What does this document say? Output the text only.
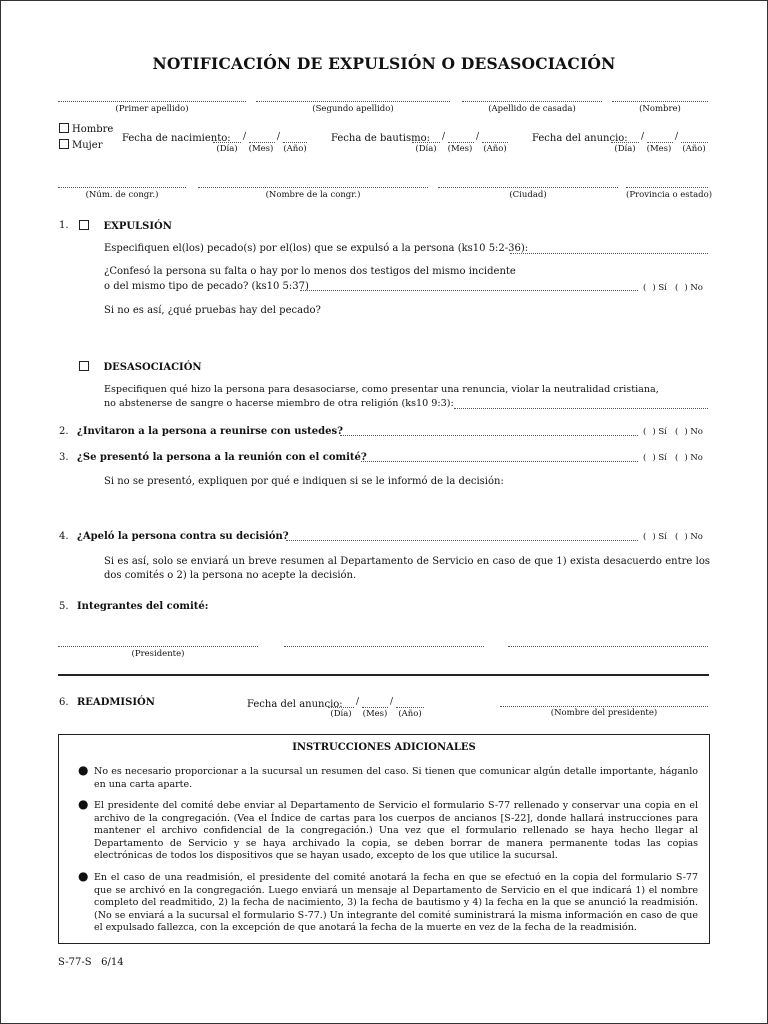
NOTIFICACIÓN DE EXPULSIÓN O DESASOCIACIÓN
(Primer apellido)	(Segundo apellido)	(Apellido de casada)	(Nombre)
Hombre
Mujer
Fecha de nacimiento: /	/
(Día)	(Mes) (Año)
Fecha de bautismo: /	/
(Día)	(Mes) (Año)
Fecha del anuncio: /	/
(Día)	(Mes) (Año)
(Núm. de congr.)	(Nombre de la congr.)	(Ciudad)	(Provincia o estado)
1.	EXPULSIÓN
Especifiquen el(los) pecado(s) por el(los) que se expulsó a la persona (ks10 5:2-36):
¿Confesó la persona su falta o hay por lo menos dos testigos del mismo incidente
o del mismo tipo de pecado? (ks10 5:37)	( ) Sí   ( ) No
Si no es así, ¿qué pruebas hay del pecado?
DESASOCIACIÓN
Especifiquen qué hizo la persona para desasociarse, como presentar una renuncia, violar la neutralidad cristiana,
no abstenerse de sangre o hacerse miembro de otra religión (ks10 9:3):
2. ¿Invitaron a la persona a reunirse con ustedes?	( ) Sí   ( ) No
3. ¿Se presentó la persona a la reunión con el comité?	( ) Sí   ( ) No
Si no se presentó, expliquen por qué e indiquen si se le informó de la decisión:
4. ¿Apeló la persona contra su decisión?	( ) Sí   ( ) No
Si es así, solo se enviará un breve resumen al Departamento de Servicio en caso de que 1) exista desacuerdo entre los dos comités o 2) la persona no acepte la decisión.
5. Integrantes del comité:
(Presidente)
6. READMISIÓN	Fecha del anuncio: /	/
(Día)	(Mes) (Año)	(Nombre del presidente)
INSTRUCCIONES ADICIONALES
● No es necesario proporcionar a la sucursal un resumen del caso. Si tienen que comunicar algún detalle importante, háganlo en una carta aparte.
● El presidente del comité debe enviar al Departamento de Servicio el formulario S-77 rellenado y conservar una copia en el archivo de la congregación. (Vea el Índice de cartas para los cuerpos de ancianos [S-22], donde hallará instrucciones para mantener el archivo confidencial de la congregación.) Una vez que el formulario rellenado se haya hecho llegar al Departamento de Servicio y se haya archivado la copia, se deben borrar de manera permanente todas las copias electrónicas de todos los dispositivos que se hayan usado, excepto de los que utilice la sucursal.
● En el caso de una readmisión, el presidente del comité anotará la fecha en que se efectuó en la copia del formulario S-77 que se archivó en la congregación. Luego enviará un mensaje al Departamento de Servicio en el que indicará 1) el nombre completo del readmitido, 2) la fecha de nacimiento, 3) la fecha de bautismo y 4) la fecha en la que se anunció la readmisión. (No se enviará a la sucursal el formulario S-77.) Un integrante del comité suministrará la misma información en caso de que el expulsado fallezca, con la excepción de que anotará la fecha de la muerte en vez de la fecha de la readmisión.
S-77-S 6/14
